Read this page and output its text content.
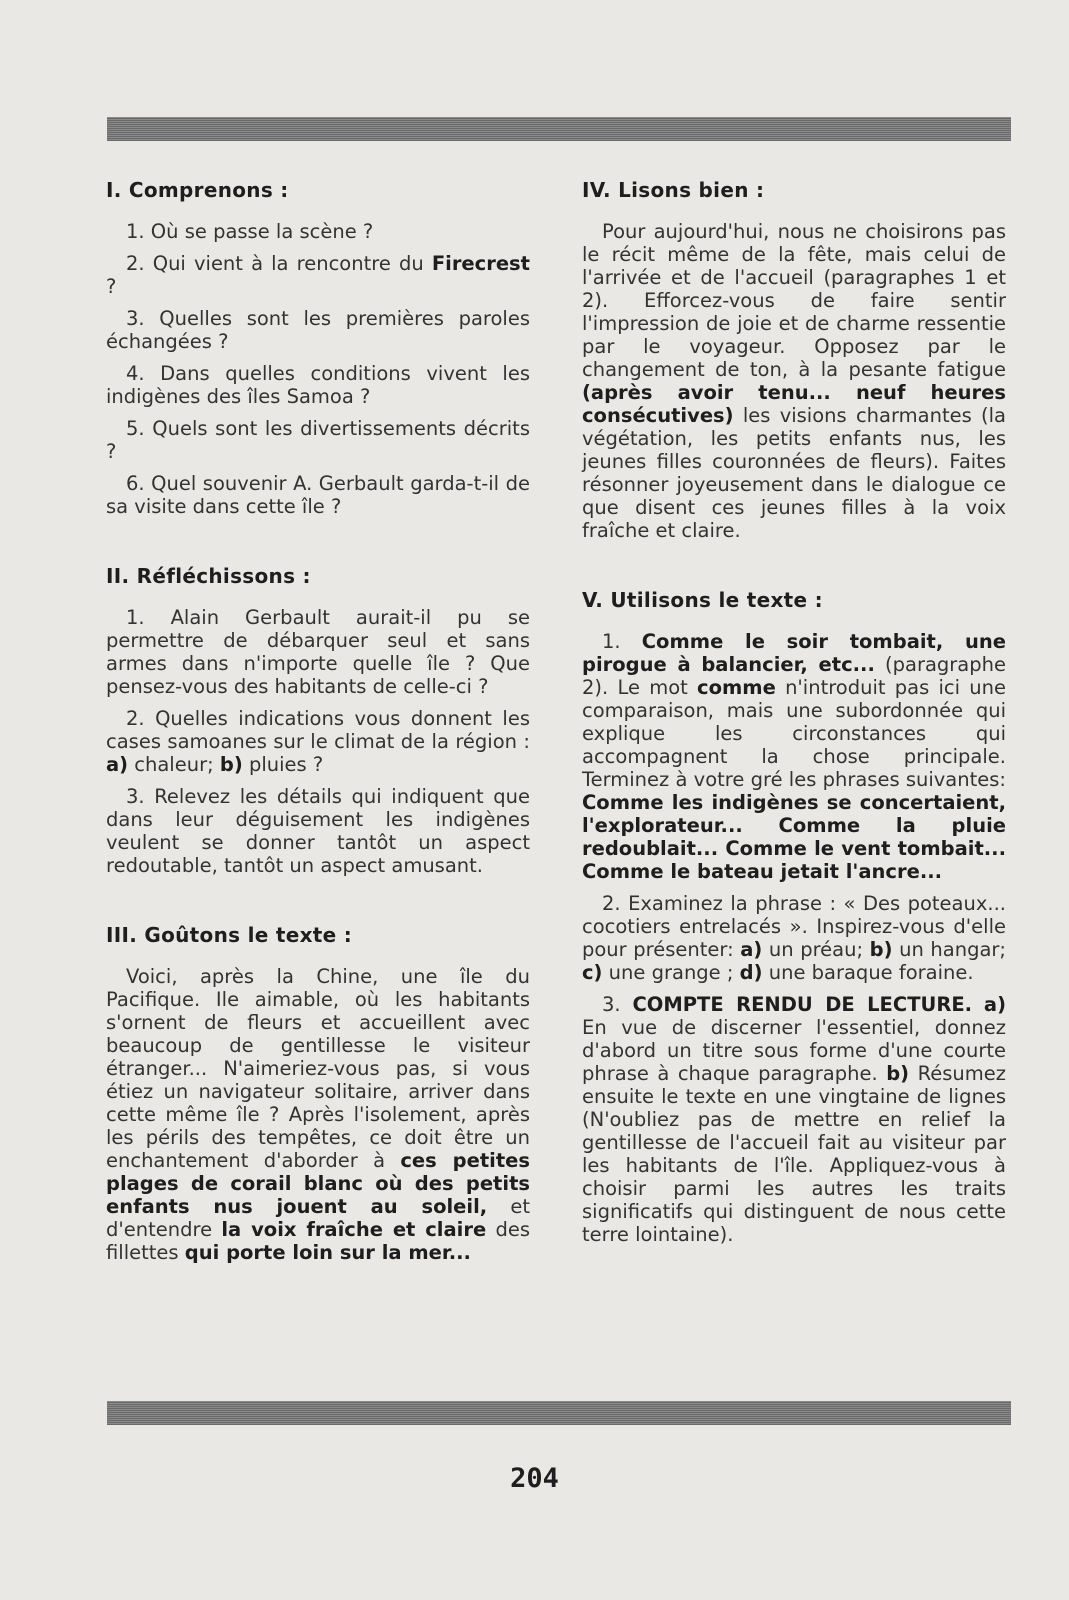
I. Comprenons :

1. Où se passe la scène ?

2. Qui vient à la rencontre du Firecrest ?

3. Quelles sont les premières paroles échangées ?

4. Dans quelles conditions vivent les indigènes des îles Samoa ?

5. Quels sont les divertissements décrits ?

6. Quel souvenir A. Gerbault garda-t-il de sa visite dans cette île ?

II. Réfléchissons :

1. Alain Gerbault aurait-il pu se permettre de débarquer seul et sans armes dans n'importe quelle île ? Que pensez-vous des habitants de celle-ci ?

2. Quelles indications vous donnent les cases samoanes sur le climat de la région : a) chaleur; b) pluies ?

3. Relevez les détails qui indiquent que dans leur déguisement les indigènes veulent se donner tantôt un aspect redoutable, tantôt un aspect amusant.

III. Goûtons le texte :

Voici, après la Chine, une île du Pacifique. Ile aimable, où les habitants s'ornent de fleurs et accueillent avec beaucoup de gentillesse le visiteur étranger... N'aimeriez-vous pas, si vous étiez un navigateur solitaire, arriver dans cette même île ? Après l'isolement, après les périls des tempêtes, ce doit être un enchantement d'aborder à ces petites plages de corail blanc où des petits enfants nus jouent au soleil, et d'entendre la voix fraîche et claire des fillettes qui porte loin sur la mer...

IV. Lisons bien :

Pour aujourd'hui, nous ne choisirons pas le récit même de la fête, mais celui de l'arrivée et de l'accueil (paragraphes 1 et 2). Efforcez-vous de faire sentir l'impression de joie et de charme ressentie par le voyageur. Opposez par le changement de ton, à la pesante fatigue (après avoir tenu... neuf heures consécutives) les visions charmantes (la végétation, les petits enfants nus, les jeunes filles couronnées de fleurs). Faites résonner joyeusement dans le dialogue ce que disent ces jeunes filles à la voix fraîche et claire.

V. Utilisons le texte :

1. Comme le soir tombait, une pirogue à balancier, etc... (paragraphe 2). Le mot comme n'introduit pas ici une comparaison, mais une subordonnée qui explique les circonstances qui accompagnent la chose principale. Terminez à votre gré les phrases suivantes: Comme les indigènes se concertaient, l'explorateur... Comme la pluie redoublait... Comme le vent tombait... Comme le bateau jetait l'ancre...

2. Examinez la phrase : « Des poteaux... cocotiers entrelacés ». Inspirez-vous d'elle pour présenter: a) un préau; b) un hangar; c) une grange ; d) une baraque foraine.

3. COMPTE RENDU DE LECTURE. a) En vue de discerner l'essentiel, donnez d'abord un titre sous forme d'une courte phrase à chaque paragraphe. b) Résumez ensuite le texte en une vingtaine de lignes (N'oubliez pas de mettre en relief la gentillesse de l'accueil fait au visiteur par les habitants de l'île. Appliquez-vous à choisir parmi les autres les traits significatifs qui distinguent de nous cette terre lointaine).

204
